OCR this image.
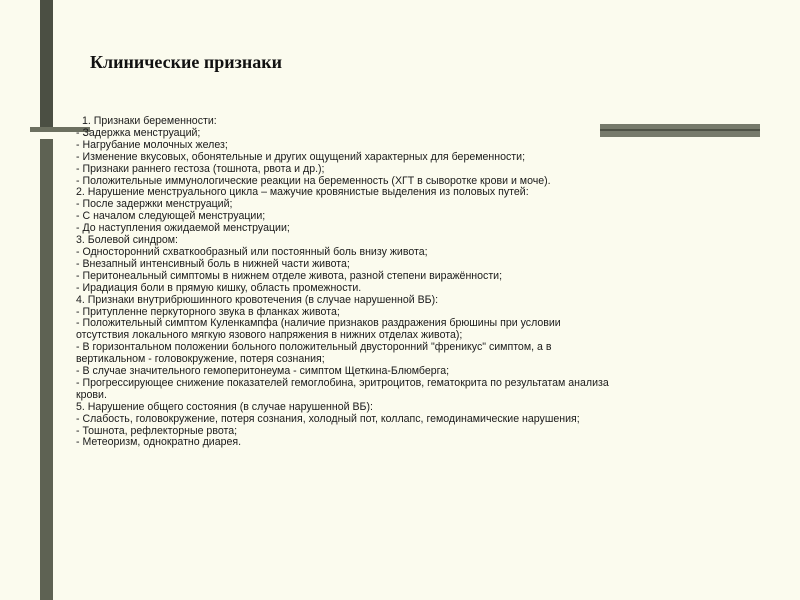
Клинические признаки
1. Признаки беременности:
- Задержка менструаций;
- Нагрубание молочных желез;
- Изменение вкусовых, обонятельные и других ощущений характерных для беременности;
- Признаки раннего гестоза (тошнота, рвота и др.);
- Положительные иммунологические реакции на беременность (ХГТ в сыворотке крови и моче).
2. Нарушение менструального цикла – мажучие кровянистые выделения из половых путей:
- После задержки менструаций;
- С началом следующей менструации;
- До наступления ожидаемой менструации;
3. Болевой синдром:
- Односторонний схваткообразный или постоянный боль внизу живота;
- Внезапный интенсивный боль в нижней части живота;
- Перитонеальный симптомы в нижнем отделе живота, разной степени виражённости;
- Ирадиация боли в прямую кишку, область промежности.
4. Признаки внутрибрюшинного кровотечения (в случае нарушенной ВБ):
- Притупленне перкуторного звука в фланках живота;
- Положительный симптом Куленкампфа (наличие признаков раздражения брюшины при условии
отсутствия локального мягкую язового напряжения в нижних отделах живота);
- В горизонтальном положении больного положительный двусторонний "френикус" симптом, а в
вертикальном - головокружение, потеря сознания;
- В случае значительного гемоперитонеума - симптом Щеткина-Блюмберга;
- Прогрессирующее снижение показателей гемоглобина, эритроцитов, гематокрита по результатам анализа
крови.
5. Нарушение общего состояния (в случае нарушенной ВБ):
- Слабость, головокружение, потеря сознания, холодный пот, коллапс, гемодинамические нарушения;
- Тошнота, рефлекторные рвота;
- Метеоризм, однократно диарея.
